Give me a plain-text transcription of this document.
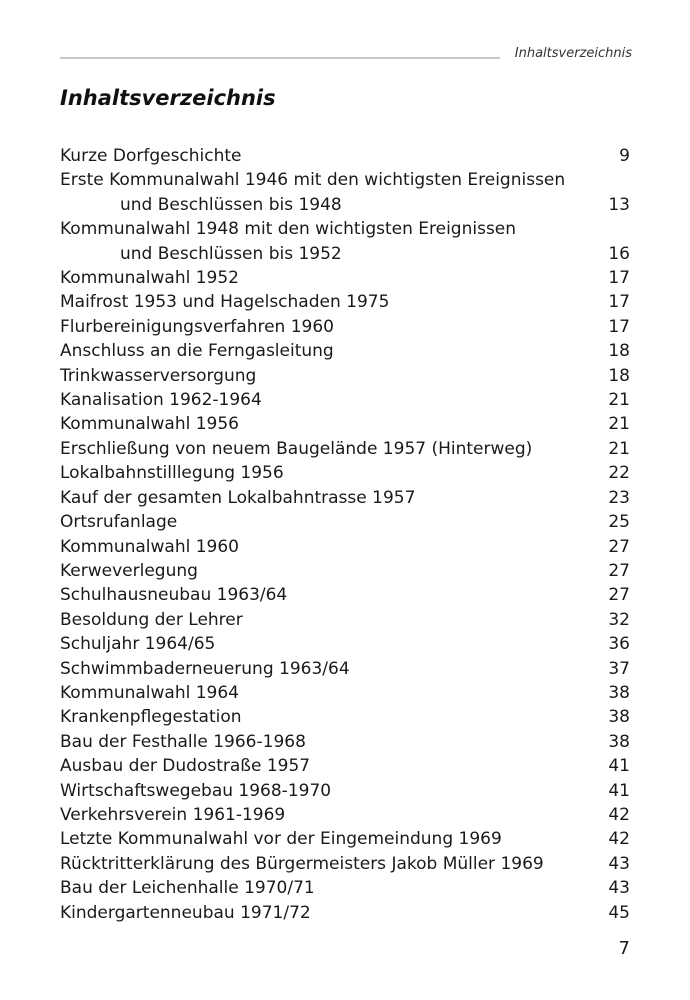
Inhaltsverzeichnis
Inhaltsverzeichnis
Kurze Dorfgeschichte	9
Erste Kommunalwahl 1946 mit den wichtigsten Ereignissen
und Beschlüssen bis 1948	13
Kommunalwahl 1948 mit den wichtigsten Ereignissen
und Beschlüssen bis 1952	16
Kommunalwahl 1952	17
Maifrost 1953 und Hagelschaden 1975	17
Flurbereinigungsverfahren 1960	17
Anschluss an die Ferngasleitung	18
Trinkwasserversorgung	18
Kanalisation 1962-1964	21
Kommunalwahl 1956	21
Erschließung von neuem Baugelände 1957 (Hinterweg)	21
Lokalbahnstilllegung 1956	22
Kauf der gesamten Lokalbahntrasse 1957	23
Ortsrufanlage	25
Kommunalwahl 1960	27
Kerweverlegung	27
Schulhausneubau 1963/64	27
Besoldung der Lehrer	32
Schuljahr 1964/65	36
Schwimmbaderneuerung 1963/64	37
Kommunalwahl 1964	38
Krankenpflegestation	38
Bau der Festhalle 1966-1968	38
Ausbau der Dudostraße 1957	41
Wirtschaftswegebau 1968-1970	41
Verkehrsverein 1961-1969	42
Letzte Kommunalwahl vor der Eingemeindung 1969	42
Rücktritterklärung des Bürgermeisters Jakob Müller 1969	43
Bau der Leichenhalle 1970/71	43
Kindergartenneubau 1971/72	45
7
